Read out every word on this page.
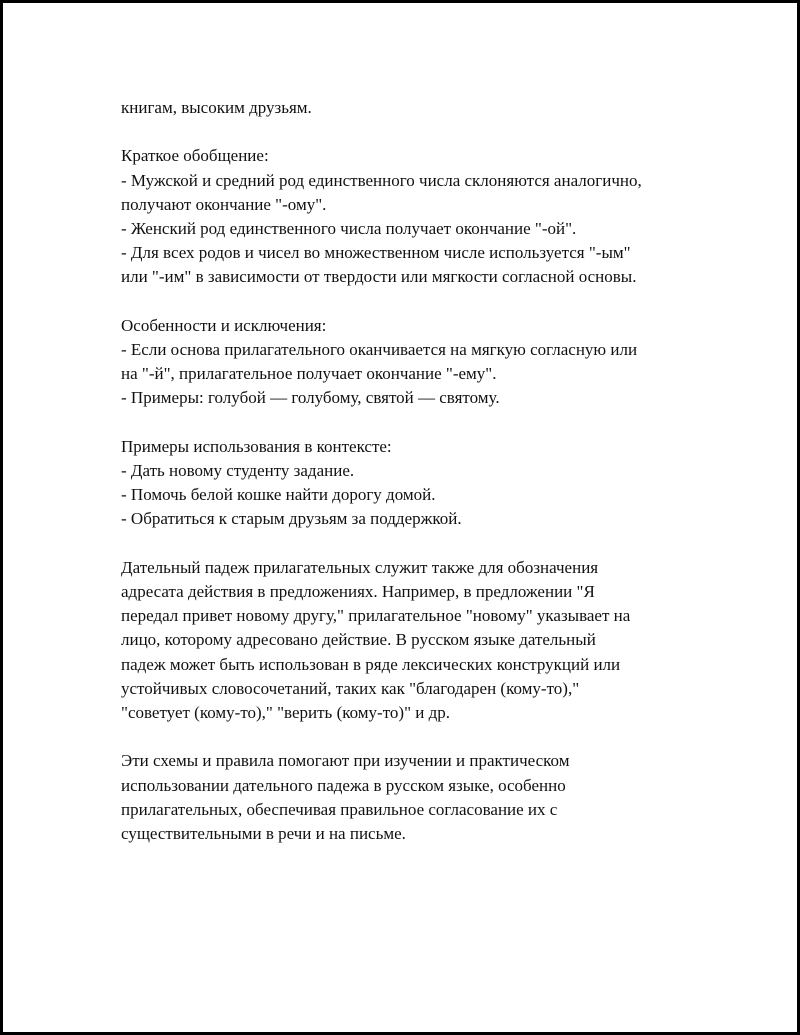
книгам, высоким друзьям.
Краткое обобщение:
- Мужской и средний род единственного числа склоняются аналогично,
получают окончание "-ому".
- Женский род единственного числа получает окончание "-ой".
- Для всех родов и чисел во множественном числе используется "-ым"
или "-им" в зависимости от твердости или мягкости согласной основы.
Особенности и исключения:
- Если основа прилагательного оканчивается на мягкую согласную или
на "-й", прилагательное получает окончание "-ему".
- Примеры: голубой — голубому, святой — святому.
Примеры использования в контексте:
- Дать новому студенту задание.
- Помочь белой кошке найти дорогу домой.
- Обратиться к старым друзьям за поддержкой.
Дательный падеж прилагательных служит также для обозначения
адресата действия в предложениях. Например, в предложении "Я
передал привет новому другу," прилагательное "новому" указывает на
лицо, которому адресовано действие. В русском языке дательный
падеж может быть использован в ряде лексических конструкций или
устойчивых словосочетаний, таких как "благодарен (кому-то),"
"советует (кому-то)," "верить (кому-то)" и др.
Эти схемы и правила помогают при изучении и практическом
использовании дательного падежа в русском языке, особенно
прилагательных, обеспечивая правильное согласование их с
существительными в речи и на письме.
